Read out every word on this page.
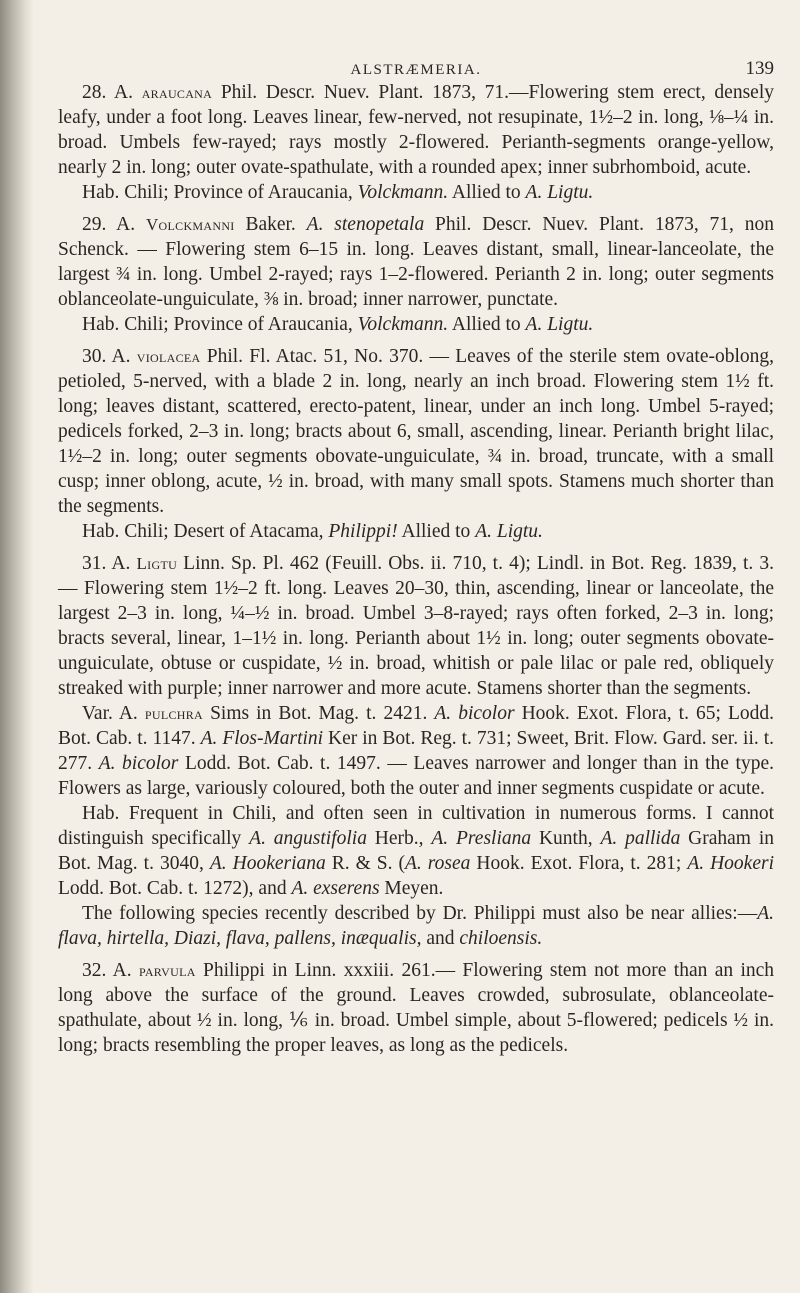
ALSTRÆMERIA.	139

28. A. araucana Phil. Descr. Nuev. Plant. 1873, 71.—Flowering stem erect, densely leafy, under a foot long. Leaves linear, few-nerved, not resupinate, 1½–2 in. long, ⅛–¼ in. broad. Umbels few-rayed; rays mostly 2-flowered. Perianth-segments orange-yellow, nearly 2 in. long; outer ovate-spathulate, with a rounded apex; inner subrhomboid, acute.

Hab. Chili; Province of Araucania, Volckmann. Allied to A. Ligtu.

29. A. Volckmanni Baker. A. stenopetala Phil. Descr. Nuev. Plant. 1873, 71, non Schenck. — Flowering stem 6–15 in. long. Leaves distant, small, linear-lanceolate, the largest ¾ in. long. Umbel 2-rayed; rays 1–2-flowered. Perianth 2 in. long; outer segments oblanceolate-unguiculate, ⅜ in. broad; inner narrower, punctate.

Hab. Chili; Province of Araucania, Volckmann. Allied to A. Ligtu.

30. A. violacea Phil. Fl. Atac. 51, No. 370. — Leaves of the sterile stem ovate-oblong, petioled, 5-nerved, with a blade 2 in. long, nearly an inch broad. Flowering stem 1½ ft. long; leaves distant, scattered, erecto-patent, linear, under an inch long. Umbel 5-rayed; pedicels forked, 2–3 in. long; bracts about 6, small, ascending, linear. Perianth bright lilac, 1½–2 in. long; outer segments obovate-unguiculate, ¾ in. broad, truncate, with a small cusp; inner oblong, acute, ½ in. broad, with many small spots. Stamens much shorter than the segments.

Hab. Chili; Desert of Atacama, Philippi! Allied to A. Ligtu.

31. A. Ligtu Linn. Sp. Pl. 462 (Feuill. Obs. ii. 710, t. 4); Lindl. in Bot. Reg. 1839, t. 3. — Flowering stem 1½–2 ft. long. Leaves 20–30, thin, ascending, linear or lanceolate, the largest 2–3 in. long, ¼–½ in. broad. Umbel 3–8-rayed; rays often forked, 2–3 in. long; bracts several, linear, 1–1½ in. long. Perianth about 1½ in. long; outer segments obovate-unguiculate, obtuse or cuspidate, ½ in. broad, whitish or pale lilac or pale red, obliquely streaked with purple; inner narrower and more acute. Stamens shorter than the segments.

Var. A. pulchra Sims in Bot. Mag. t. 2421. A. bicolor Hook. Exot. Flora, t. 65; Lodd. Bot. Cab. t. 1147. A. Flos-Martini Ker in Bot. Reg. t. 731; Sweet, Brit. Flow. Gard. ser. ii. t. 277. A. bicolor Lodd. Bot. Cab. t. 1497. — Leaves narrower and longer than in the type. Flowers as large, variously coloured, both the outer and inner segments cuspidate or acute.

Hab. Frequent in Chili, and often seen in cultivation in numerous forms. I cannot distinguish specifically A. angustifolia Herb., A. Presliana Kunth, A. pallida Graham in Bot. Mag. t. 3040, A. Hookeriana R. & S. (A. rosea Hook. Exot. Flora, t. 281; A. Hookeri Lodd. Bot. Cab. t. 1272), and A. exserens Meyen.

The following species recently described by Dr. Philippi must also be near allies:—A. flava, hirtella, Diazi, flava, pallens, inæqualis, and chiloensis.

32. A. parvula Philippi in Linn. xxxiii. 261.— Flowering stem not more than an inch long above the surface of the ground. Leaves crowded, subrosulate, oblanceolate-spathulate, about ½ in. long, ⅙ in. broad. Umbel simple, about 5-flowered; pedicels ½ in. long; bracts resembling the proper leaves, as long as the pedicels.
